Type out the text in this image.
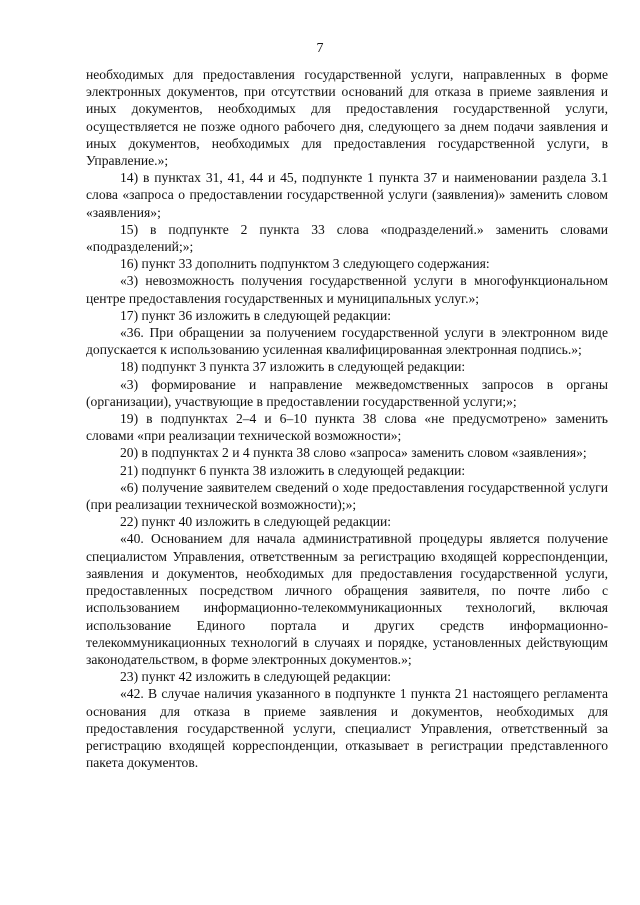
7

необходимых для предоставления государственной услуги, направленных в форме электронных документов, при отсутствии оснований для отказа в приеме заявления и иных документов, необходимых для предоставления государственной услуги, осуществляется не позже одного рабочего дня, следующего за днем подачи заявления и иных документов, необходимых для предоставления государственной услуги, в Управление.»;

14) в пунктах 31, 41, 44 и 45, подпункте 1 пункта 37 и наименовании раздела 3.1 слова «запроса о предоставлении государственной услуги (заявления)» заменить словом «заявления»;

15) в подпункте 2 пункта 33 слова «подразделений.» заменить словами «подразделений;»;

16) пункт 33 дополнить подпунктом 3 следующего содержания:

«3) невозможность получения государственной услуги в многофункциональном центре предоставления государственных и муниципальных услуг.»;

17) пункт 36 изложить в следующей редакции:

«36. При обращении за получением государственной услуги в электронном виде допускается к использованию усиленная квалифицированная электронная подпись.»;

18) подпункт 3 пункта 37 изложить в следующей редакции:

«3) формирование и направление межведомственных запросов в органы (организации), участвующие в предоставлении государственной услуги;»;

19) в подпунктах 2–4 и 6–10 пункта 38 слова «не предусмотрено» заменить словами «при реализации технической возможности»;

20) в подпунктах 2 и 4 пункта 38 слово «запроса» заменить словом «заявления»;

21) подпункт 6 пункта 38 изложить в следующей редакции:

«6) получение заявителем сведений о ходе предоставления государственной услуги (при реализации технической возможности);»;

22) пункт 40 изложить в следующей редакции:

«40. Основанием для начала административной процедуры является получение специалистом Управления, ответственным за регистрацию входящей корреспонденции, заявления и документов, необходимых для предоставления государственной услуги, предоставленных посредством личного обращения заявителя, по почте либо с использованием информационно-телекоммуникационных технологий, включая использование Единого портала и других средств информационно-телекоммуникационных технологий в случаях и порядке, установленных действующим законодательством, в форме электронных документов.»;

23) пункт 42 изложить в следующей редакции:

«42. В случае наличия указанного в подпункте 1 пункта 21 настоящего регламента основания для отказа в приеме заявления и документов, необходимых для предоставления государственной услуги, специалист Управления, ответственный за регистрацию входящей корреспонденции, отказывает в регистрации представленного пакета документов.
